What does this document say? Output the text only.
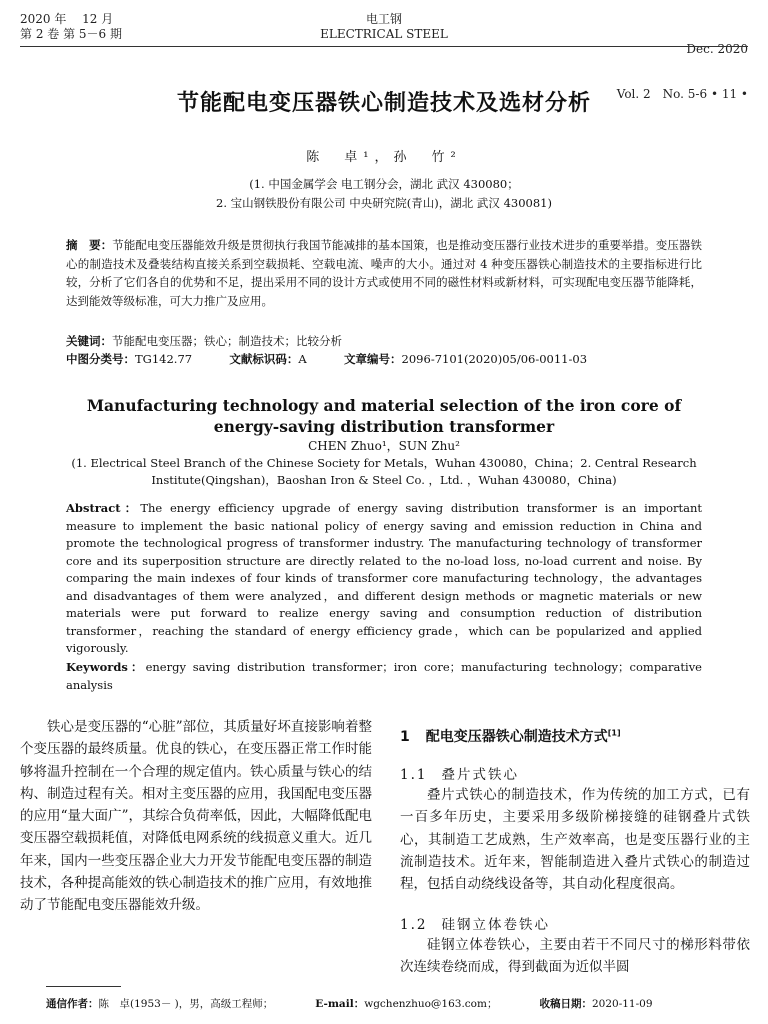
2020 年　 12 月
第 2 卷 第 5－6 期
电工钢
ELECTRICAL STEEL

Dec. 2020

Vol. 2　No. 5-6 • 11 •

节能配电变压器铁心制造技术及选材分析
陈　卓¹，孙　竹²
(1. 中国金属学会 电工钢分会，湖北 武汉 430080；
2. 宝山钢铁股份有限公司 中央研究院(青山)，湖北 武汉 430081)
摘　要：节能配电变压器能效升级是贯彻执行我国节能减排的基本国策，也是推动变压器行业技术进步的重要举措。变压器铁心的制造技术及叠装结构直接关系到空载损耗、空载电流、噪声的大小。通过对 4 种变压器铁心制造技术的主要指标进行比较，分析了它们各自的优势和不足，提出采用不同的设计方式或使用不同的磁性材料或新材料，可实现配电变压器节能降耗，达到能效等级标准，可大力推广及应用。
关键词：节能配电变压器；铁心；制造技术；比较分析
中图分类号：TG142.77	文献标识码：A	文章编号：2096-7101(2020)05/06-0011-03
Manufacturing technology and material selection of the iron core of
energy-saving distribution transformer
CHEN Zhuo¹，SUN Zhu²
(1. Electrical Steel Branch of the Chinese Society for Metals，Wuhan 430080，China；2. Central Research Institute(Qingshan)，Baoshan Iron & Steel Co. ，Ltd. ，Wuhan 430080，China)
Abstract：The energy efficiency upgrade of energy saving distribution transformer is an important measure to implement the basic national policy of energy saving and emission reduction in China and promote the technological progress of transformer industry. The manufacturing technology of transformer core and its superposition structure are directly related to the no-load loss, no-load current and noise. By comparing the main indexes of four kinds of transformer core manufacturing technology，the advantages and disadvantages of them were analyzed，and different design methods or magnetic materials or new materials were put forward to realize energy saving and consumption reduction of distribution transformer，reaching the standard of energy efficiency grade，which can be popularized and applied vigorously.
Keywords：energy saving distribution transformer；iron core；manufacturing technology；comparative analysis
铁心是变压器的“心脏”部位，其质量好坏直接影响着整个变压器的最终质量。优良的铁心，在变压器正常工作时能够将温升控制在一个合理的规定值内。铁心质量与铁心的结构、制造过程有关。相对主变压器的应用，我国配电变压器的应用“量大面广”，其综合负荷率低，因此，大幅降低配电变压器空载损耗值，对降低电网系统的线损意义重大。近几年来，国内一些变压器企业大力开发节能配电变压器的制造技术，各种提高能效的铁心制造技术的推广应用，有效地推动了节能配电变压器能效升级。
1 配电变压器铁心制造技术方式[1]
1.1 叠片式铁心
叠片式铁心的制造技术，作为传统的加工方式，已有一百多年历史，主要采用多级阶梯接缝的硅钢叠片式铁心，其制造工艺成熟，生产效率高，也是变压器行业的主流制造技术。近年来，智能制造进入叠片式铁心的制造过程，包括自动绕线设备等，其自动化程度很高。
1.2 硅钢立体卷铁心
硅钢立体卷铁心，主要由若干不同尺寸的梯形料带依次连续卷绕而成，得到截面为近似半圆
通信作者：陈　卓(1953－ )，男，高级工程师；	E-mail：wgchenzhuo@163.com；	收稿日期：2020-11-09
